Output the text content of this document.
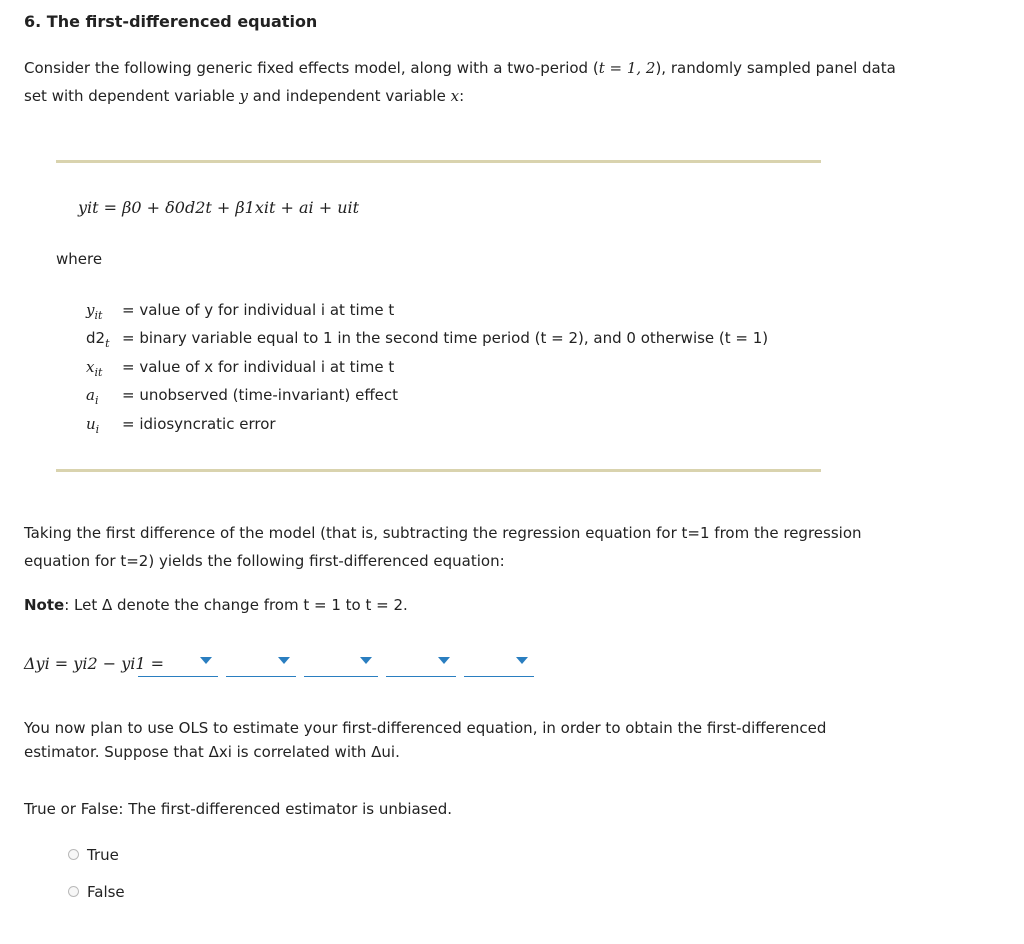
6. The first-differenced equation
Consider the following generic fixed effects model, along with a two-period (t = 1, 2), randomly sampled panel data
set with dependent variable y and independent variable x:
yit = β0 + δ0d2t + β1xit + ai + uit
where
$y_{it}$ = value of y for individual i at time t
$d2_t$ = binary variable equal to 1 in the second time period (t = 2), and 0 otherwise (t = 1)
$x_{it}$ = value of x for individual i at time t
$a_i$ = unobserved (time-invariant) effect
$u_i$ = idiosyncratic error
Taking the first difference of the model (that is, subtracting the regression equation for t=1 from the regression
equation for t=2) yields the following first-differenced equation:
Note: Let Δ denote the change from t = 1 to t = 2.
Δyi = yi2 − yi1 =
You now plan to use OLS to estimate your first-differenced equation, in order to obtain the first-differenced
estimator. Suppose that Δxi is correlated with Δui.
True or False: The first-differenced estimator is unbiased.
True
False
